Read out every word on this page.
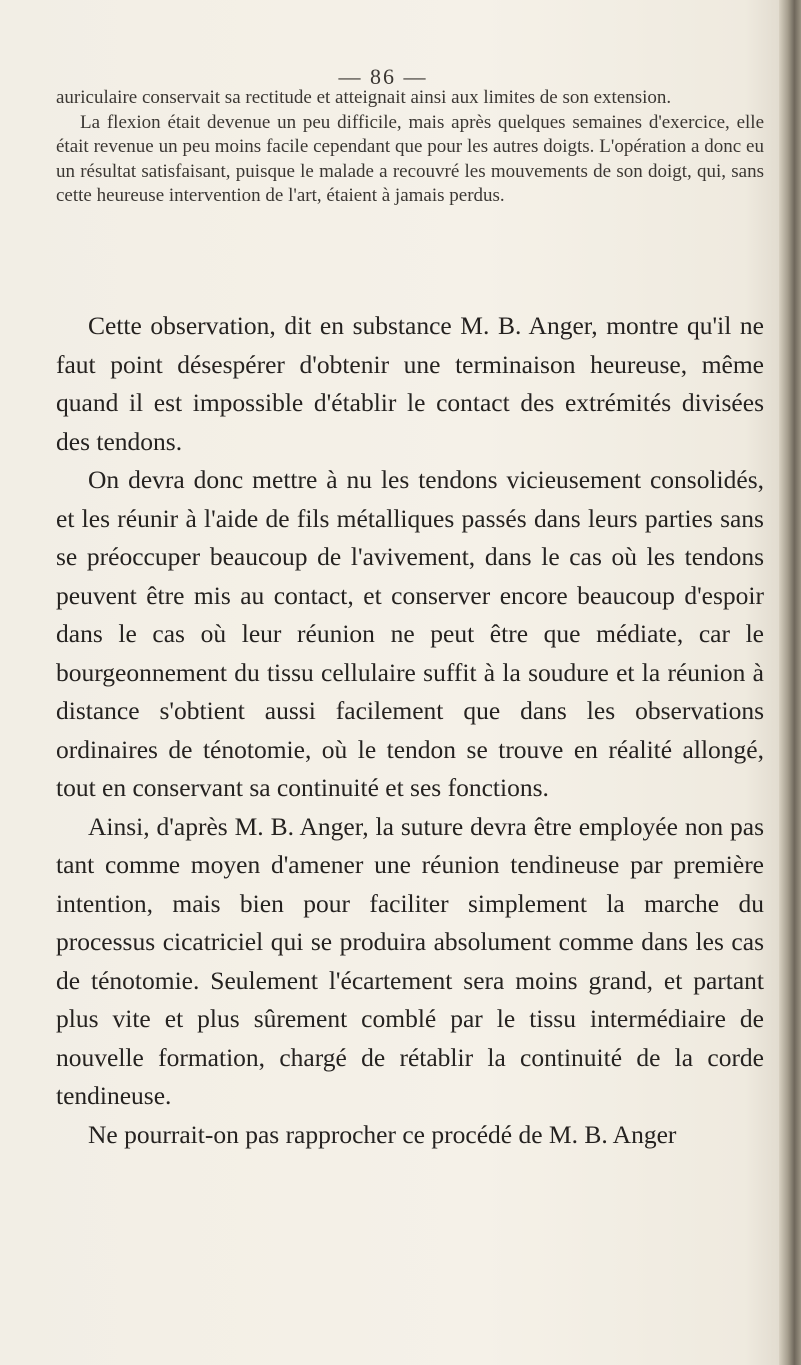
— 86 —

auriculaire conservait sa rectitude et atteignait ainsi aux limites de son extension.

La flexion était devenue un peu difficile, mais après quelques semaines d'exercice, elle était revenue un peu moins facile cependant que pour les autres doigts. L'opération a donc eu un résultat satisfaisant, puisque le malade a recouvré les mouvements de son doigt, qui, sans cette heureuse intervention de l'art, étaient à jamais perdus.

Cette observation, dit en substance M. B. Anger, montre qu'il ne faut point désespérer d'obtenir une terminaison heureuse, même quand il est impossible d'établir le contact des extrémités divisées des tendons.

On devra donc mettre à nu les tendons vicieusement consolidés, et les réunir à l'aide de fils métalliques passés dans leurs parties sans se préoccuper beaucoup de l'avivement, dans le cas où les tendons peuvent être mis au contact, et conserver encore beaucoup d'espoir dans le cas où leur réunion ne peut être que médiate, car le bourgeonnement du tissu cellulaire suffit à la soudure et la réunion à distance s'obtient aussi facilement que dans les observations ordinaires de ténotomie, où le tendon se trouve en réalité allongé, tout en conservant sa continuité et ses fonctions.

Ainsi, d'après M. B. Anger, la suture devra être employée non pas tant comme moyen d'amener une réunion tendineuse par première intention, mais bien pour faciliter simplement la marche du processus cicatriciel qui se produira absolument comme dans les cas de ténotomie. Seulement l'écartement sera moins grand, et partant plus vite et plus sûrement comblé par le tissu intermédiaire de nouvelle formation, chargé de rétablir la continuité de la corde tendineuse.

Ne pourrait-on pas rapprocher ce procédé de M. B. Anger
